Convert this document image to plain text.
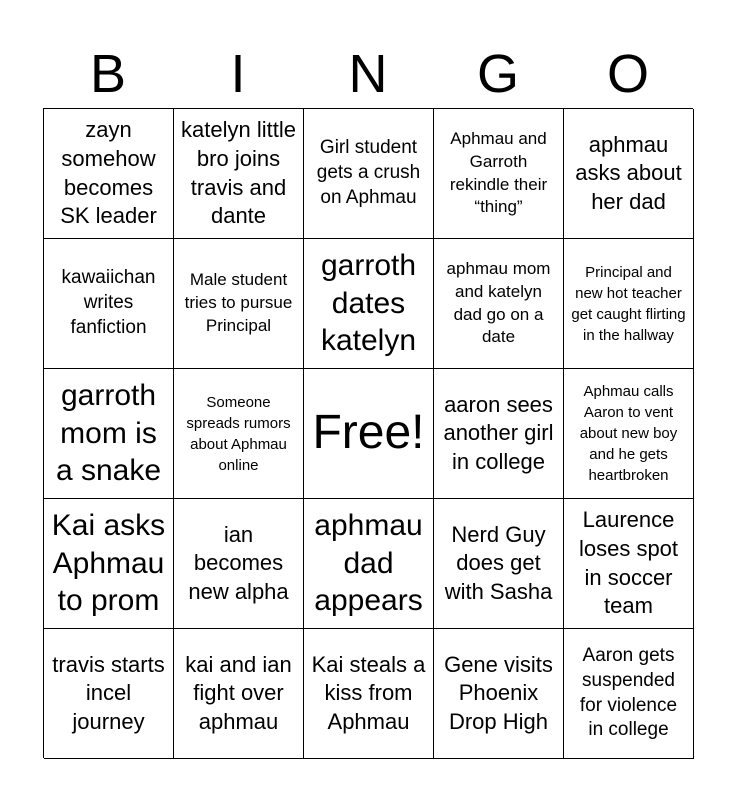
B	I	N	G	O
zayn somehow becomes SK leader
katelyn little bro joins travis and dante
Girl student gets a crush on Aphmau
Aphmau and Garroth rekindle their “thing”
aphmau asks about her dad
kawaiichan writes fanfiction
Male student tries to pursue Principal
garroth dates katelyn
aphmau mom and katelyn dad go on a date
Principal and new hot teacher get caught flirting in the hallway
garroth mom is a snake
Someone spreads rumors about Aphmau online
Free!
aaron sees another girl in college
Aphmau calls Aaron to vent about new boy and he gets heartbroken
Kai asks Aphmau to prom
ian becomes new alpha
aphmau dad appears
Nerd Guy does get with Sasha
Laurence loses spot in soccer team
travis starts incel journey
kai and ian fight over aphmau
Kai steals a kiss from Aphmau
Gene visits Phoenix Drop High
Aaron gets suspended for violence in college
